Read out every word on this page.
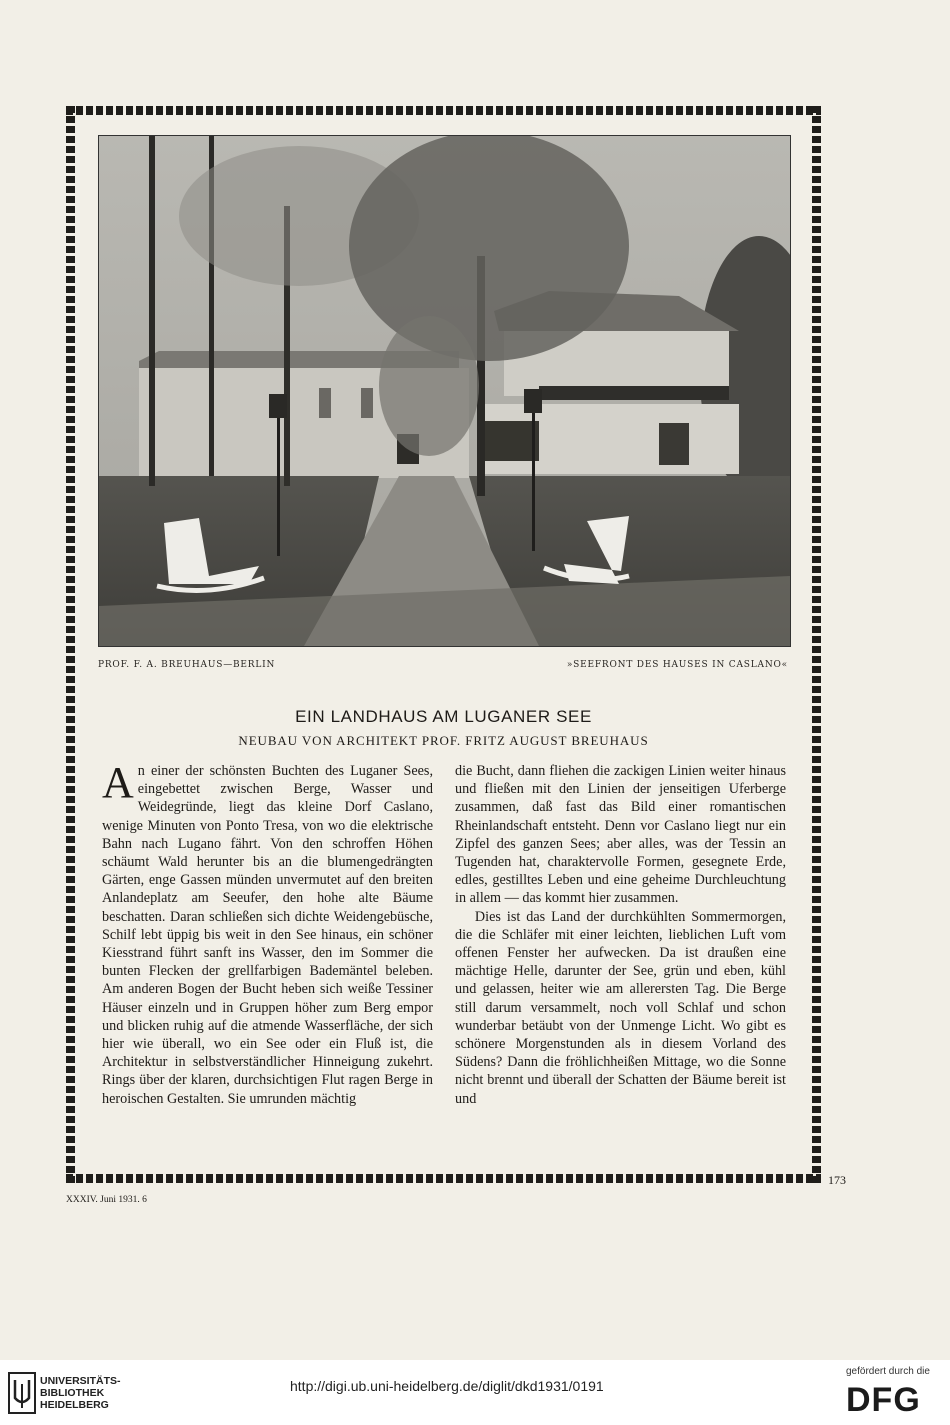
PROF. F. A. BREUHAUS—BERLIN	»SEEFRONT DES HAUSES IN CASLANO«
EIN LANDHAUS AM LUGANER SEE
NEUBAU VON ARCHITEKT PROF. FRITZ AUGUST BREUHAUS

An einer der schönsten Buchten des Luganer Sees, eingebettet zwischen Berge, Wasser und Weidegründe, liegt das kleine Dorf Caslano, wenige Minuten von Ponto Tresa, von wo die elektrische Bahn nach Lugano fährt. Von den schroffen Höhen schäumt Wald herunter bis an die blumengedrängten Gärten, enge Gassen münden unvermutet auf den breiten Anlandeplatz am Seeufer, den hohe alte Bäume beschatten. Daran schließen sich dichte Weidengebüsche, Schilf lebt üppig bis weit in den See hinaus, ein schöner Kiesstrand führt sanft ins Wasser, den im Sommer die bunten Flecken der grellfarbigen Bademäntel beleben. Am anderen Bogen der Bucht heben sich weiße Tessiner Häuser einzeln und in Gruppen höher zum Berg empor und blicken ruhig auf die atmende Wasserfläche, der sich hier wie überall, wo ein See oder ein Fluß ist, die Architektur in selbstverständlicher Hinneigung zukehrt. Rings über der klaren, durchsichtigen Flut ragen Berge in heroischen Gestalten. Sie umrunden mächtig

die Bucht, dann fliehen die zackigen Linien weiter hinaus und fließen mit den Linien der jenseitigen Uferberge zusammen, daß fast das Bild einer romantischen Rheinlandschaft entsteht. Denn vor Caslano liegt nur ein Zipfel des ganzen Sees; aber alles, was der Tessin an Tugenden hat, charaktervolle Formen, gesegnete Erde, edles, gestilltes Leben und eine geheime Durchleuchtung in allem — das kommt hier zusammen.

Dies ist das Land der durchkühlten Sommermorgen, die die Schläfer mit einer leichten, lieblichen Luft vom offenen Fenster her aufwecken. Da ist draußen eine mächtige Helle, darunter der See, grün und eben, kühl und gelassen, heiter wie am allerersten Tag. Die Berge still darum versammelt, noch voll Schlaf und schon wunderbar betäubt von der Unmenge Licht. Wo gibt es schönere Morgenstunden als in diesem Vorland des Südens? Dann die fröhlichheißen Mittage, wo die Sonne nicht brennt und überall der Schatten der Bäume bereit ist und

173
XXXIV. Juni 1931. 6
UNIVERSITÄTS-
BIBLIOTHEK
HEIDELBERG
http://digi.ub.uni-heidelberg.de/diglit/dkd1931/0191
gefördert durch die
DFG
